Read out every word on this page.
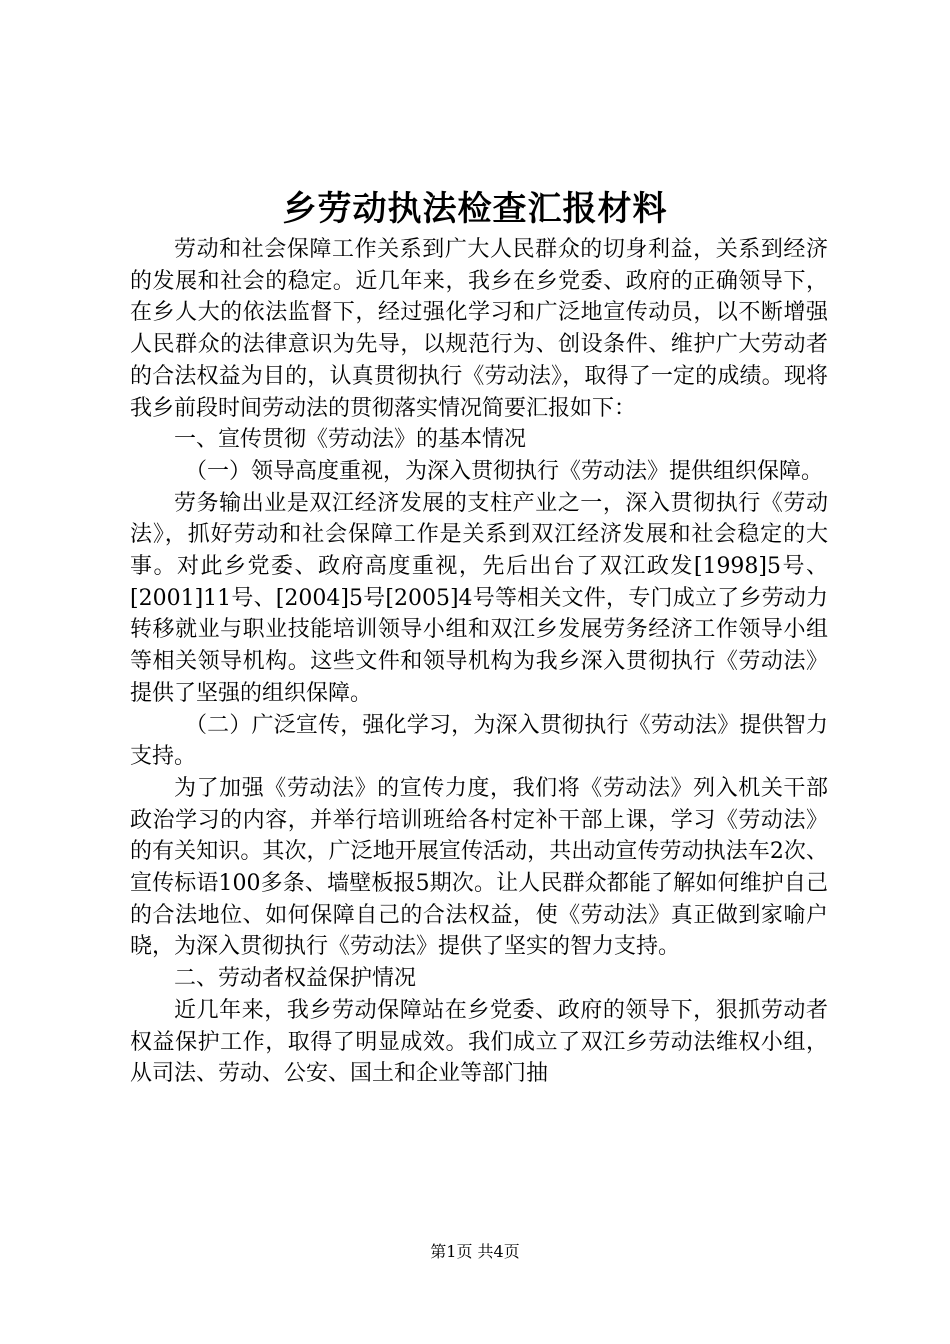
乡劳动执法检查汇报材料

劳动和社会保障工作关系到广大人民群众的切身利益，关系到经济的发展和社会的稳定。近几年来，我乡在乡党委、政府的正确领导下，在乡人大的依法监督下，经过强化学习和广泛地宣传动员，以不断增强人民群众的法律意识为先导，以规范行为、创设条件、维护广大劳动者的合法权益为目的，认真贯彻执行《劳动法》，取得了一定的成绩。现将我乡前段时间劳动法的贯彻落实情况简要汇报如下：

一、宣传贯彻《劳动法》的基本情况

（一）领导高度重视，为深入贯彻执行《劳动法》提供组织保障。

劳务输出业是双江经济发展的支柱产业之一，深入贯彻执行《劳动法》，抓好劳动和社会保障工作是关系到双江经济发展和社会稳定的大事。对此乡党委、政府高度重视，先后出台了双江政发[1998]5号、[2001]11号、[2004]5号[2005]4号等相关文件，专门成立了乡劳动力转移就业与职业技能培训领导小组和双江乡发展劳务经济工作领导小组等相关领导机构。这些文件和领导机构为我乡深入贯彻执行《劳动法》提供了坚强的组织保障。

（二）广泛宣传，强化学习，为深入贯彻执行《劳动法》提供智力支持。

为了加强《劳动法》的宣传力度，我们将《劳动法》列入机关干部政治学习的内容，并举行培训班给各村定补干部上课，学习《劳动法》的有关知识。其次，广泛地开展宣传活动，共出动宣传劳动执法车2次、宣传标语100多条、墙壁板报5期次。让人民群众都能了解如何维护自己的合法地位、如何保障自己的合法权益，使《劳动法》真正做到家喻户晓，为深入贯彻执行《劳动法》提供了坚实的智力支持。

二、劳动者权益保护情况

近几年来，我乡劳动保障站在乡党委、政府的领导下，狠抓劳动者权益保护工作，取得了明显成效。我们成立了双江乡劳动法维权小组，从司法、劳动、公安、国土和企业等部门抽

第1页 共4页
